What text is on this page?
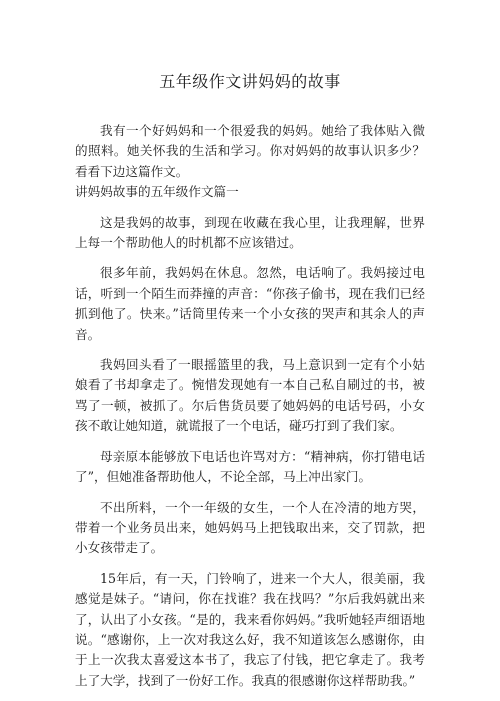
五年级作文讲妈妈的故事

我有一个好妈妈和一个很爱我的妈妈。她给了我体贴入微的照料。她关怀我的生活和学习。你对妈妈的故事认识多少？看看下边这篇作文。

讲妈妈故事的五年级作文篇一

这是我妈的故事，到现在收藏在我心里，让我理解，世界上每一个帮助他人的时机都不应该错过。

很多年前，我妈妈在休息。忽然，电话响了。我妈接过电话，听到一个陌生而莽撞的声音：“你孩子偷书，现在我们已经抓到他了。快来。”话筒里传来一个小女孩的哭声和其余人的声音。

我妈回头看了一眼摇篮里的我，马上意识到一定有个小姑娘看了书却拿走了。惋惜发现她有一本自己私自刷过的书，被骂了一顿，被抓了。尔后售货员要了她妈妈的电话号码，小女孩不敢让她知道，就谎报了一个电话，碰巧打到了我们家。

母亲原本能够放下电话也许骂对方：“精神病，你打错电话了”，但她准备帮助他人，不论全部，马上冲出家门。

不出所料，一个一年级的女生，一个人在冷清的地方哭，带着一个业务员出来，她妈妈马上把钱取出来，交了罚款，把小女孩带走了。

15年后，有一天，门铃响了，进来一个大人，很美丽，我感觉是妹子。“请问，你在找谁？我在找吗？”尔后我妈就出来了，认出了小女孩。“是的，我来看你妈妈。”我听她轻声细语地说。“感谢你，上一次对我这么好，我不知道该怎么感谢你，由于上一次我太喜爱这本书了，我忘了付钱，把它拿走了。我考上了大学，找到了一份好工作。我真的很感谢你这样帮助我。”
